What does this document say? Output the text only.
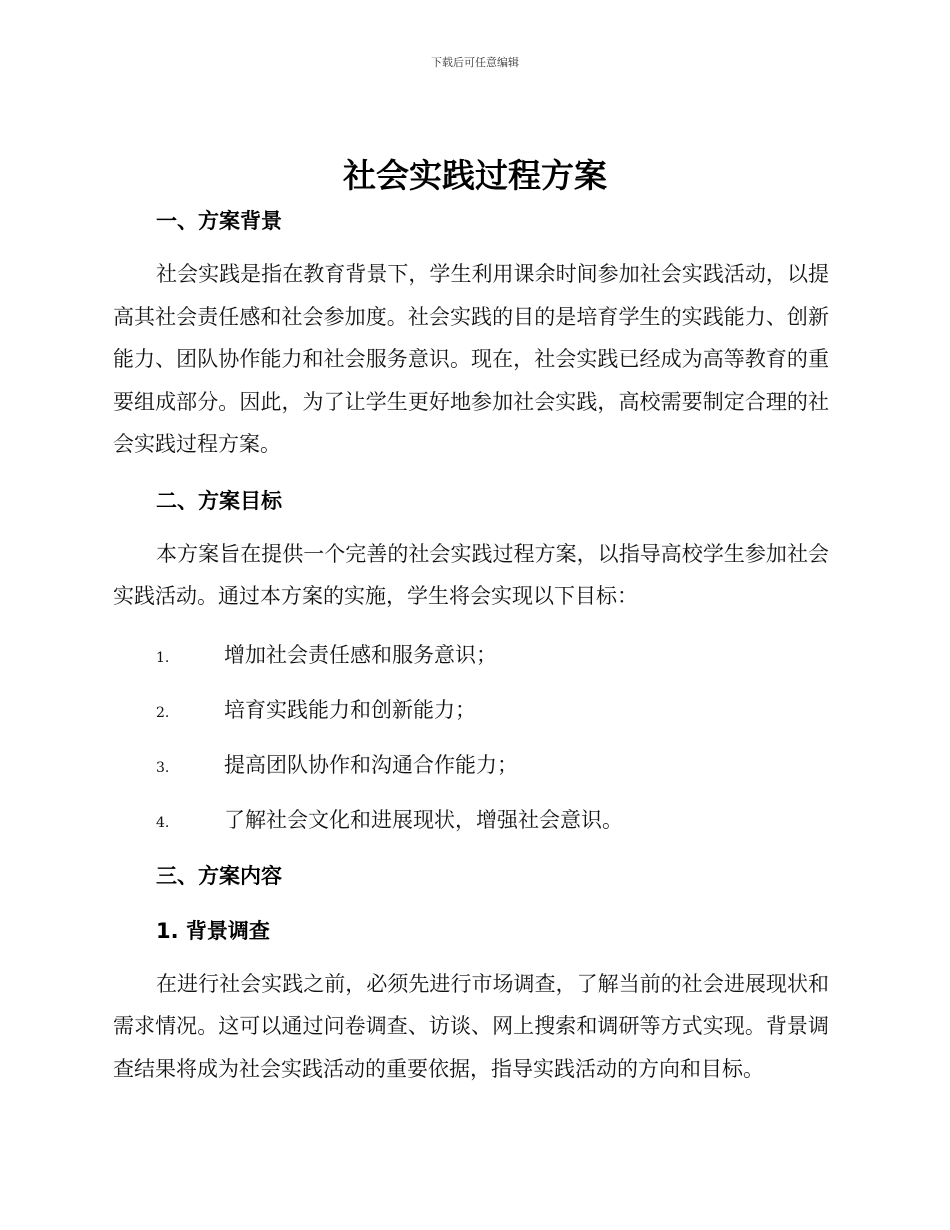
下载后可任意编辑
社会实践过程方案
一、方案背景

社会实践是指在教育背景下，学生利用课余时间参加社会实践活动，以提高其社会责任感和社会参加度。社会实践的目的是培育学生的实践能力、创新能力、团队协作能力和社会服务意识。现在，社会实践已经成为高等教育的重要组成部分。因此，为了让学生更好地参加社会实践，高校需要制定合理的社会实践过程方案。

二、方案目标

本方案旨在提供一个完善的社会实践过程方案，以指导高校学生参加社会实践活动。通过本方案的实施，学生将会实现以下目标：

1.	增加社会责任感和服务意识；
2.	培育实践能力和创新能力；
3.	提高团队协作和沟通合作能力；
4.	了解社会文化和进展现状，增强社会意识。
三、方案内容
1. 背景调查

在进行社会实践之前，必须先进行市场调查，了解当前的社会进展现状和需求情况。这可以通过问卷调查、访谈、网上搜索和调研等方式实现。背景调查结果将成为社会实践活动的重要依据，指导实践活动的方向和目标。
